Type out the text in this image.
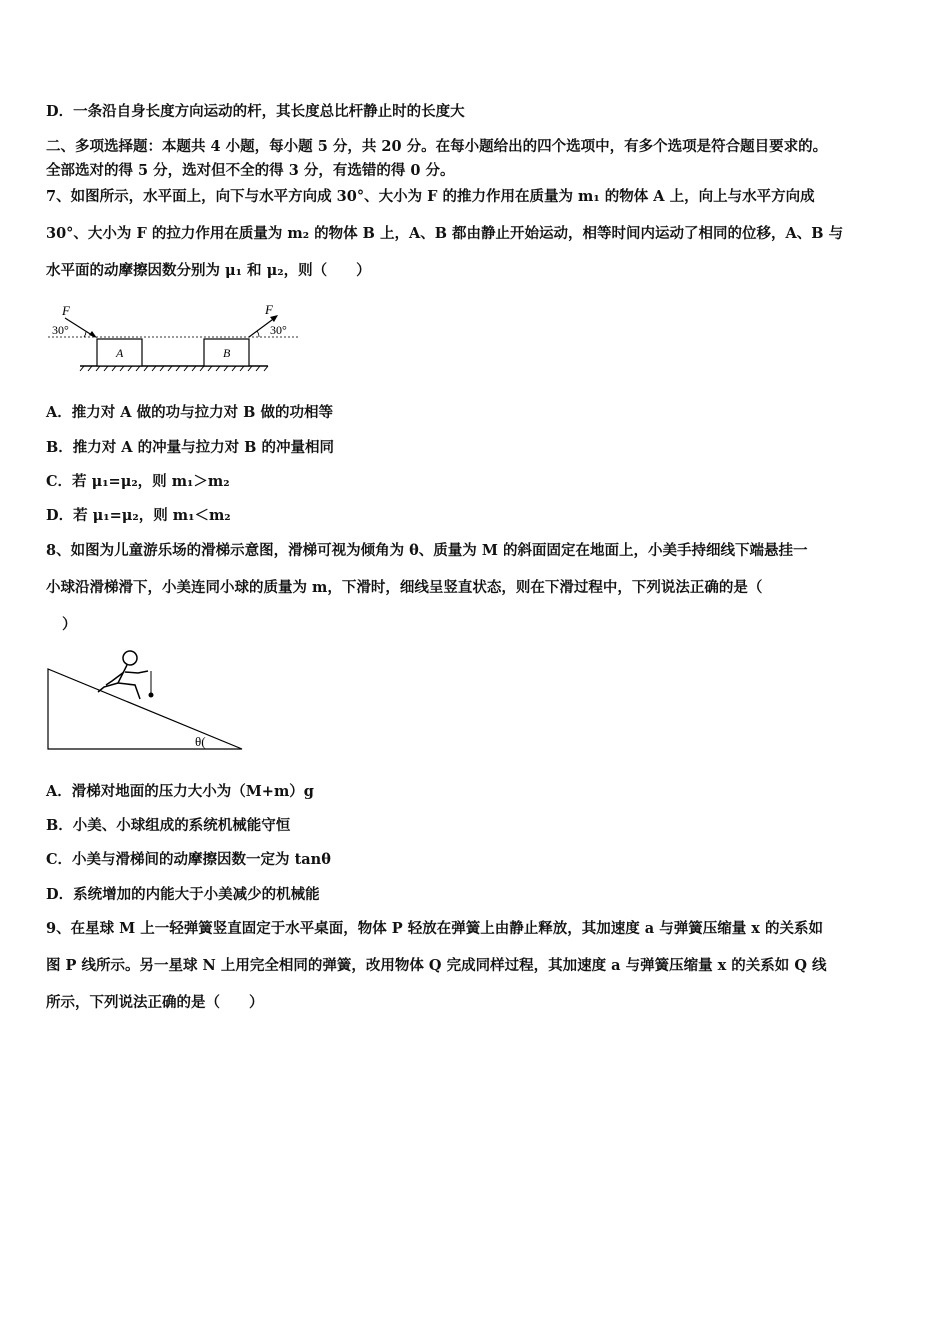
D．一条沿自身长度方向运动的杆，其长度总比杆静止时的长度大
二、多项选择题：本题共 4 小题，每小题 5 分，共 20 分。在每小题给出的四个选项中，有多个选项是符合题目要求的。
全部选对的得 5 分，选对但不全的得 3 分，有选错的得 0 分。
7、如图所示，水平面上，向下与水平方向成 30°、大小为 F 的推力作用在质量为 m₁ 的物体 A 上，向上与水平方向成
30°、大小为 F 的拉力作用在质量为 m₂ 的物体 B 上，A、B 都由静止开始运动，相等时间内运动了相同的位移，A、B 与
水平面的动摩擦因数分别为 μ₁ 和 μ₂，则（　　）
A
F
30°
B
F
30°
A．推力对 A 做的功与拉力对 B 做的功相等
B．推力对 A 的冲量与拉力对 B 的冲量相同
C．若 μ₁=μ₂，则 m₁＞m₂
D．若 μ₁=μ₂，则 m₁＜m₂
8、如图为儿童游乐场的滑梯示意图，滑梯可视为倾角为 θ、质量为 M 的斜面固定在地面上，小美手持细线下端悬挂一
小球沿滑梯滑下，小美连同小球的质量为 m，下滑时，细线呈竖直状态，则在下滑过程中，下列说法正确的是（
）
θ(
A．滑梯对地面的压力大小为（M+m）g
B．小美、小球组成的系统机械能守恒
C．小美与滑梯间的动摩擦因数一定为 tanθ
D．系统增加的内能大于小美减少的机械能
9、在星球 M 上一轻弹簧竖直固定于水平桌面，物体 P 轻放在弹簧上由静止释放，其加速度 a 与弹簧压缩量 x 的关系如
图 P 线所示。另一星球 N 上用完全相同的弹簧，改用物体 Q 完成同样过程，其加速度 a 与弹簧压缩量 x 的关系如 Q 线
所示，下列说法正确的是（　　）
